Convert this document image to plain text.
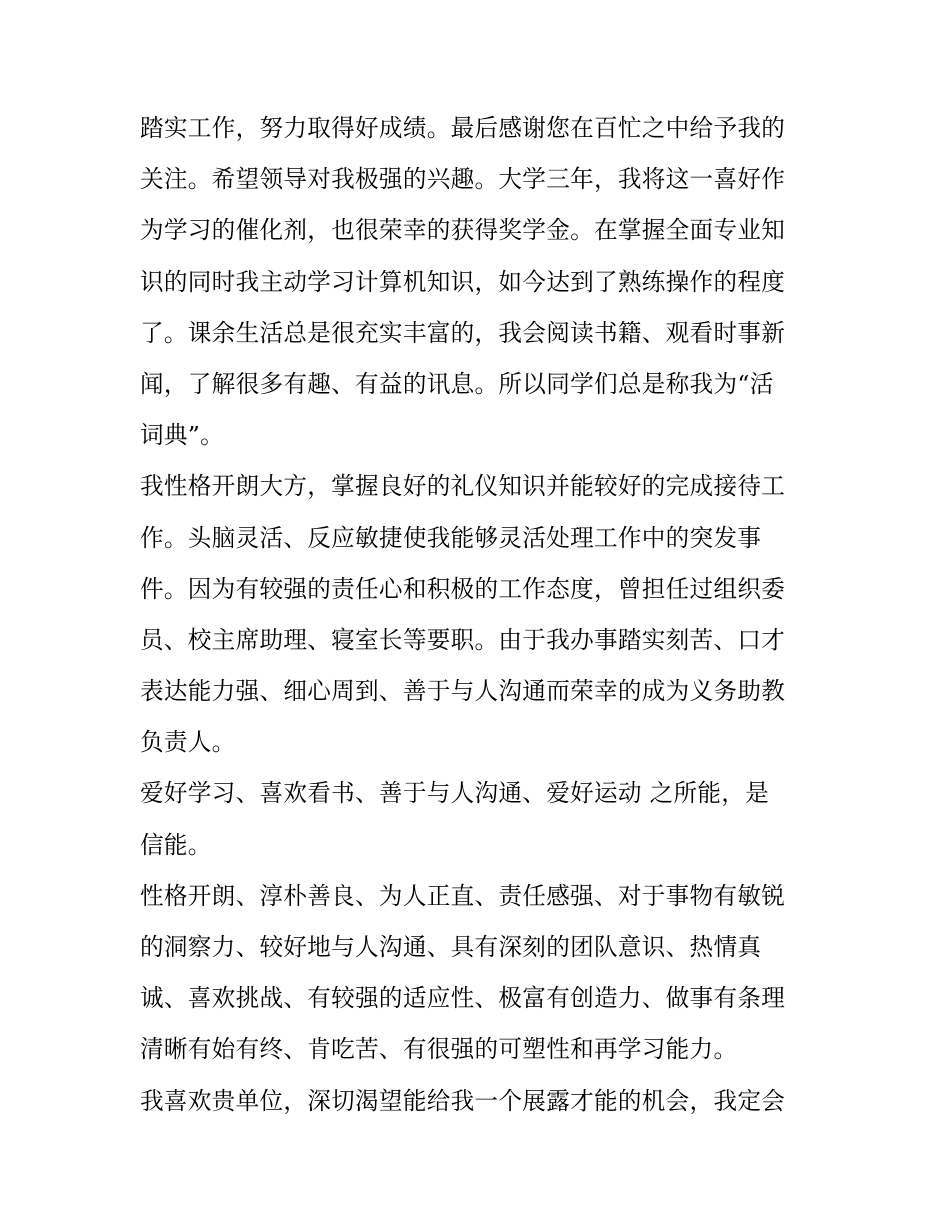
踏实工作，努力取得好成绩。最后感谢您在百忙之中给予我的
关注。希望领导对我极强的兴趣。大学三年，我将这一喜好作
为学习的催化剂，也很荣幸的获得奖学金。在掌握全面专业知
识的同时我主动学习计算机知识，如今达到了熟练操作的程度
了。课余生活总是很充实丰富的，我会阅读书籍、观看时事新
闻，了解很多有趣、有益的讯息。所以同学们总是称我为“活
词典”。
我性格开朗大方，掌握良好的礼仪知识并能较好的完成接待工
作。头脑灵活、反应敏捷使我能够灵活处理工作中的突发事
件。因为有较强的责任心和积极的工作态度，曾担任过组织委
员、校主席助理、寝室长等要职。由于我办事踏实刻苦、口才
表达能力强、细心周到、善于与人沟通而荣幸的成为义务助教
负责人。
爱好学习、喜欢看书、善于与人沟通、爱好运动 之所能，是
信能。
性格开朗、淳朴善良、为人正直、责任感强、对于事物有敏锐
的洞察力、较好地与人沟通、具有深刻的团队意识、热情真
诚、喜欢挑战、有较强的适应性、极富有创造力、做事有条理
清晰有始有终、肯吃苦、有很强的可塑性和再学习能力。
我喜欢贵单位，深切渴望能给我一个展露才能的机会，我定会
